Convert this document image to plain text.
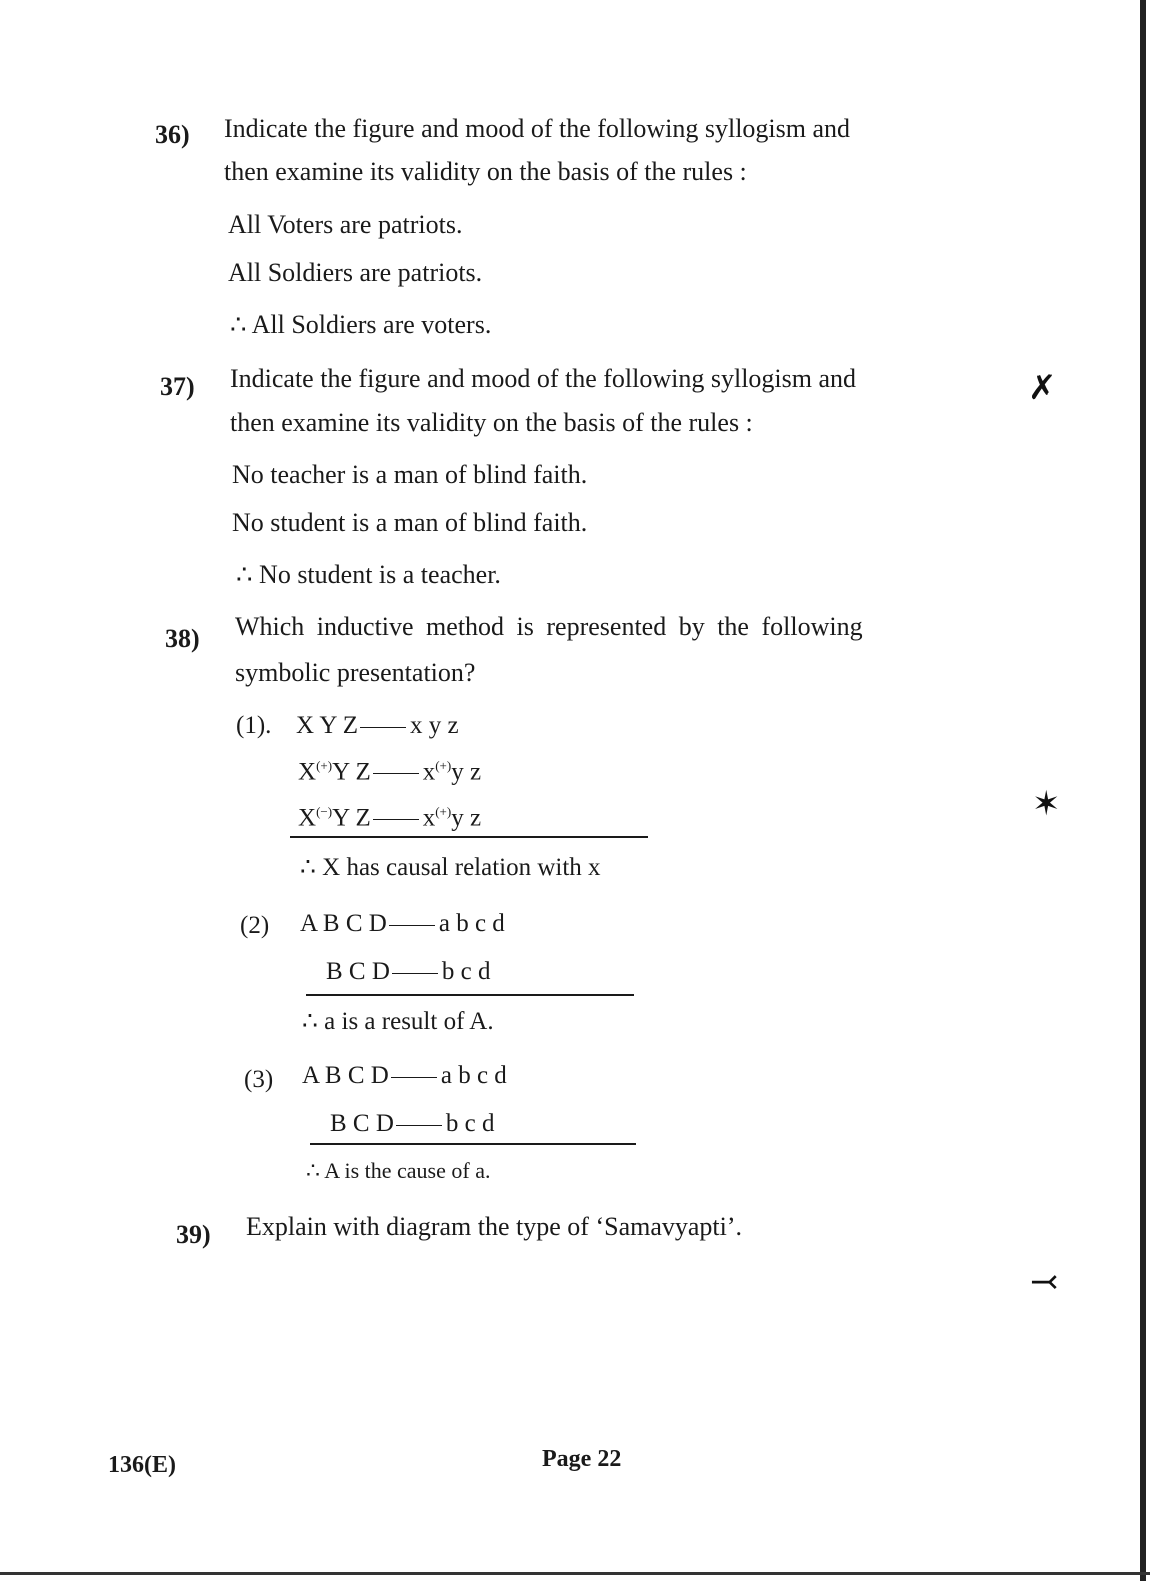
36) Indicate the figure and mood of the following syllogism and
then examine its validity on the basis of the rules :
All Voters are patriots.
All Soldiers are patriots.
∴ All Soldiers are voters.
37) Indicate the figure and mood of the following syllogism and
then examine its validity on the basis of the rules :
No teacher is a man of blind faith.
No student is a man of blind faith.
∴ No student is a teacher.
38) Which inductive method is represented by the following
symbolic presentation?
(1). X Y Z x y z
X(+)Y Z x(+)y z
X(−)Y Z x(+)y z
∴ X has causal relation with x
(2) A B C D a b c d
B C D b c d
∴ a is a result of A.
(3) A B C D a b c d
B C D b c d
∴ A is the cause of a.
39) Explain with diagram the type of ‘Samavyapti’.
136(E)	Page 22
✗
✶
⤙
